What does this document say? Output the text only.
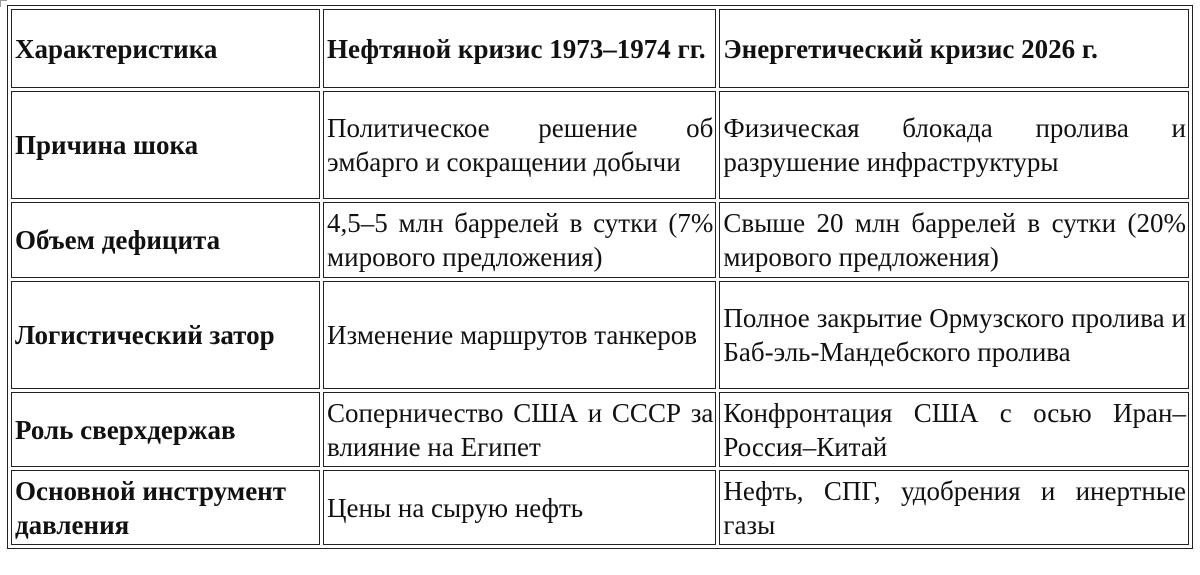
Характеристика	Нефтяной кризис 1973–1974 гг.	Энергетический кризис 2026 г.
Причина шока	Политическое решение об эмбарго и сокращении добычи	Физическая блокада пролива и разрушение инфраструктуры
Объем дефицита	4,5–5 млн баррелей в сутки (7% мирового предложения)	Свыше 20 млн баррелей в сутки (20% мирового предложения)
Логистический затор	Изменение маршрутов танкеров	Полное закрытие Ормузского пролива и Баб-эль-Мандебского пролива
Роль сверхдержав	Соперничество США и СССР за влияние на Египет	Конфронтация США с осью Иран–Россия–Китай
Основной инструмент давления	Цены на сырую нефть	Нефть, СПГ, удобрения и инертные газы
